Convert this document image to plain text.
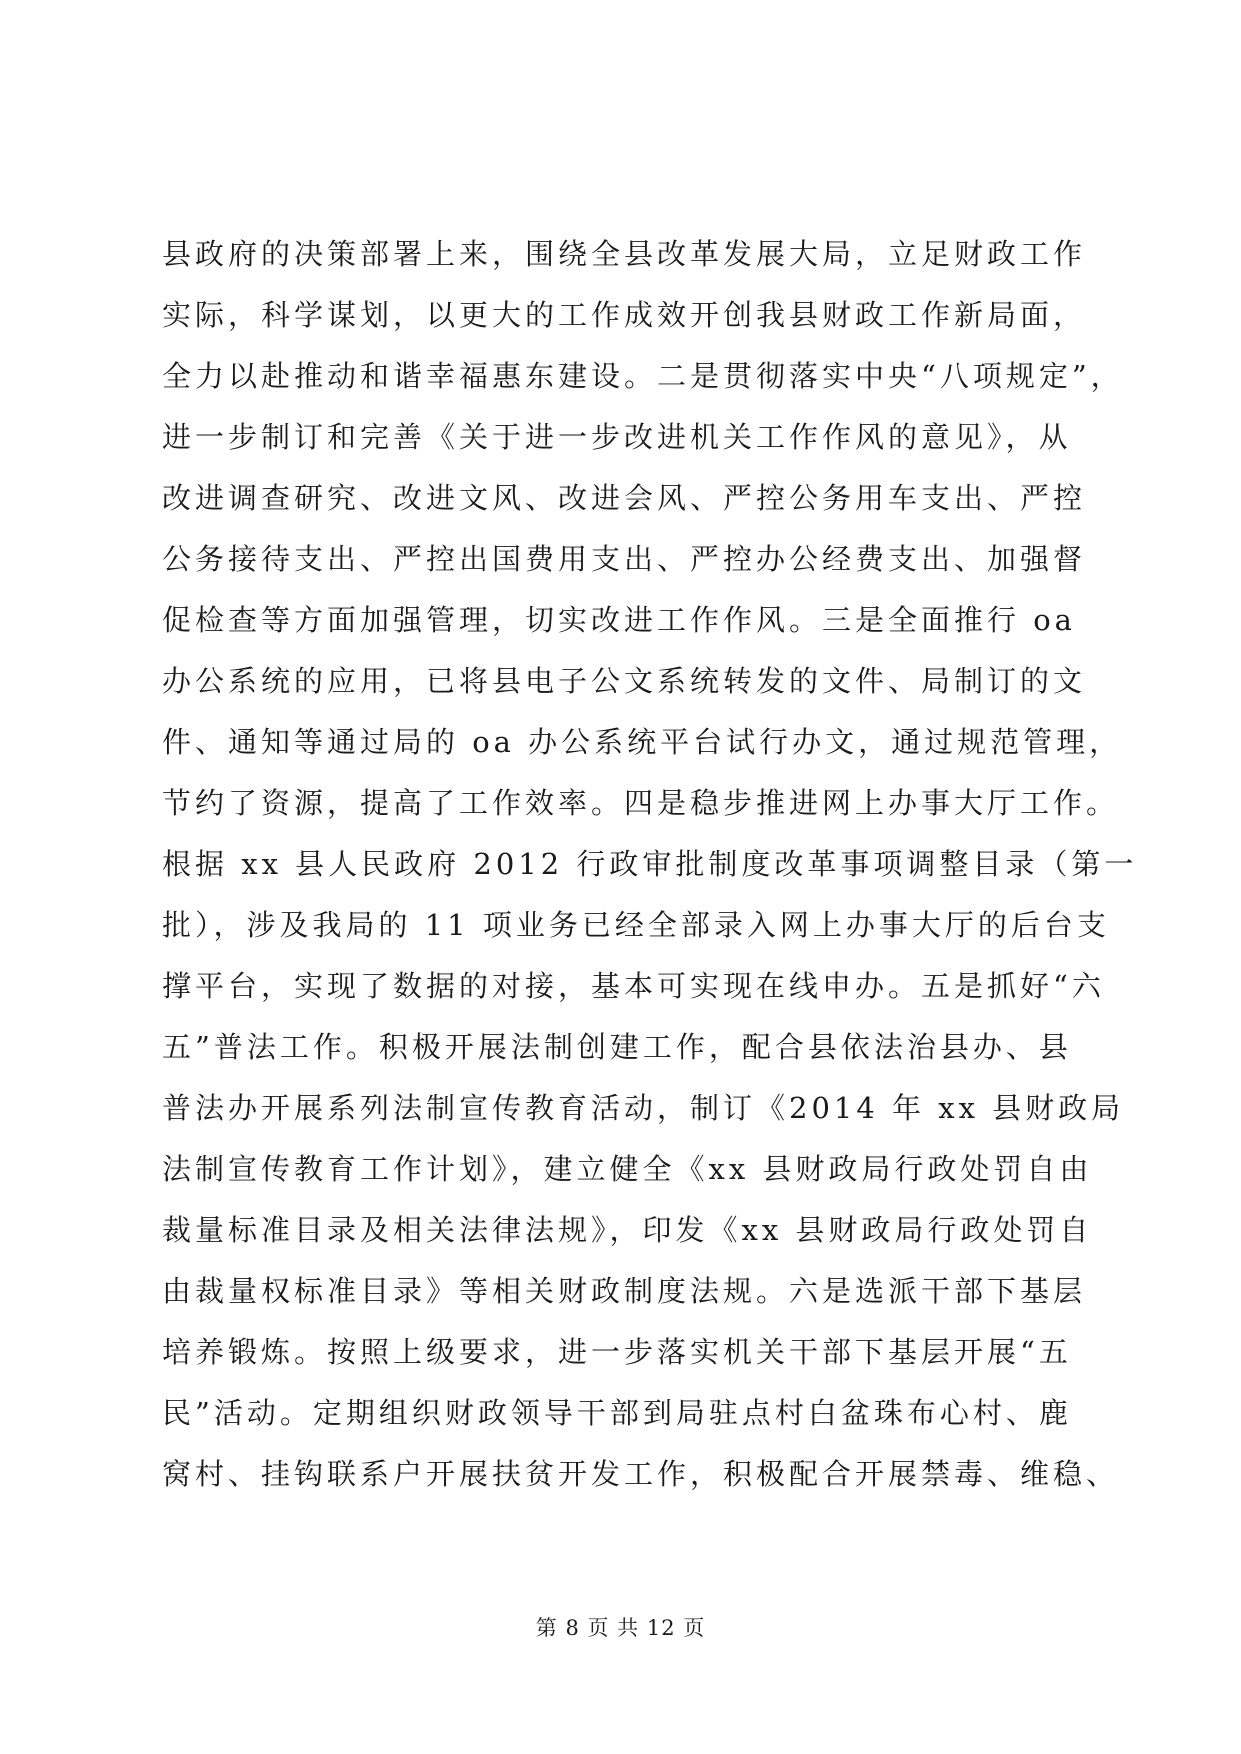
县政府的决策部署上来，围绕全县改革发展大局，立足财政工作
实际，科学谋划，以更大的工作成效开创我县财政工作新局面，
全力以赴推动和谐幸福惠东建设。二是贯彻落实中央“八项规定”，
进一步制订和完善《关于进一步改进机关工作作风的意见》，从
改进调查研究、改进文风、改进会风、严控公务用车支出、严控
公务接待支出、严控出国费用支出、严控办公经费支出、加强督
促检查等方面加强管理，切实改进工作作风。三是全面推行 oa
办公系统的应用，已将县电子公文系统转发的文件、局制订的文
件、通知等通过局的 oa 办公系统平台试行办文，通过规范管理，
节约了资源，提高了工作效率。四是稳步推进网上办事大厅工作。
根据 xx 县人民政府 2012 行政审批制度改革事项调整目录（第一
批），涉及我局的 11 项业务已经全部录入网上办事大厅的后台支
撑平台，实现了数据的对接，基本可实现在线申办。五是抓好“六
五”普法工作。积极开展法制创建工作，配合县依法治县办、县
普法办开展系列法制宣传教育活动，制订《2014 年 xx 县财政局
法制宣传教育工作计划》，建立健全《xx 县财政局行政处罚自由
裁量标准目录及相关法律法规》，印发《xx 县财政局行政处罚自
由裁量权标准目录》等相关财政制度法规。六是选派干部下基层
培养锻炼。按照上级要求，进一步落实机关干部下基层开展“五
民”活动。定期组织财政领导干部到局驻点村白盆珠布心村、鹿
窝村、挂钩联系户开展扶贫开发工作，积极配合开展禁毒、维稳、
第 8 页 共 12 页
